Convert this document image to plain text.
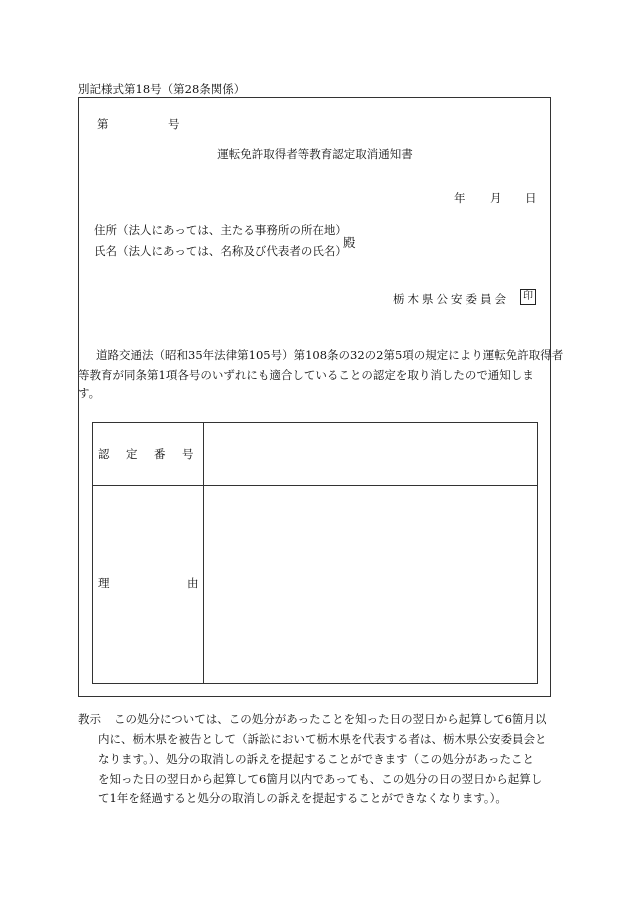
別記様式第18号（第28条関係）
第	号
運転免許取得者等教育認定取消通知書
年 月 日
住所（法人にあっては、主たる事務所の所在地）
氏名（法人にあっては、名称及び代表者の氏名）
殿
栃木県公安委員会	印
道路交通法（昭和35年法律第105号）第108条の32の2第5項の規定により運転免許取得者
等教育が同条第1項各号のいずれにも適合していることの認定を取り消したので通知しま
す。
認 定 番 号
理	由
教示 この処分については、この処分があったことを知った日の翌日から起算して6箇月以
内に、栃木県を被告として（訴訟において栃木県を代表する者は、栃木県公安委員会と
なります。）、処分の取消しの訴えを提起することができます（この処分があったこと
を知った日の翌日から起算して6箇月以内であっても、この処分の日の翌日から起算し
て1年を経過すると処分の取消しの訴えを提起することができなくなります。）。
